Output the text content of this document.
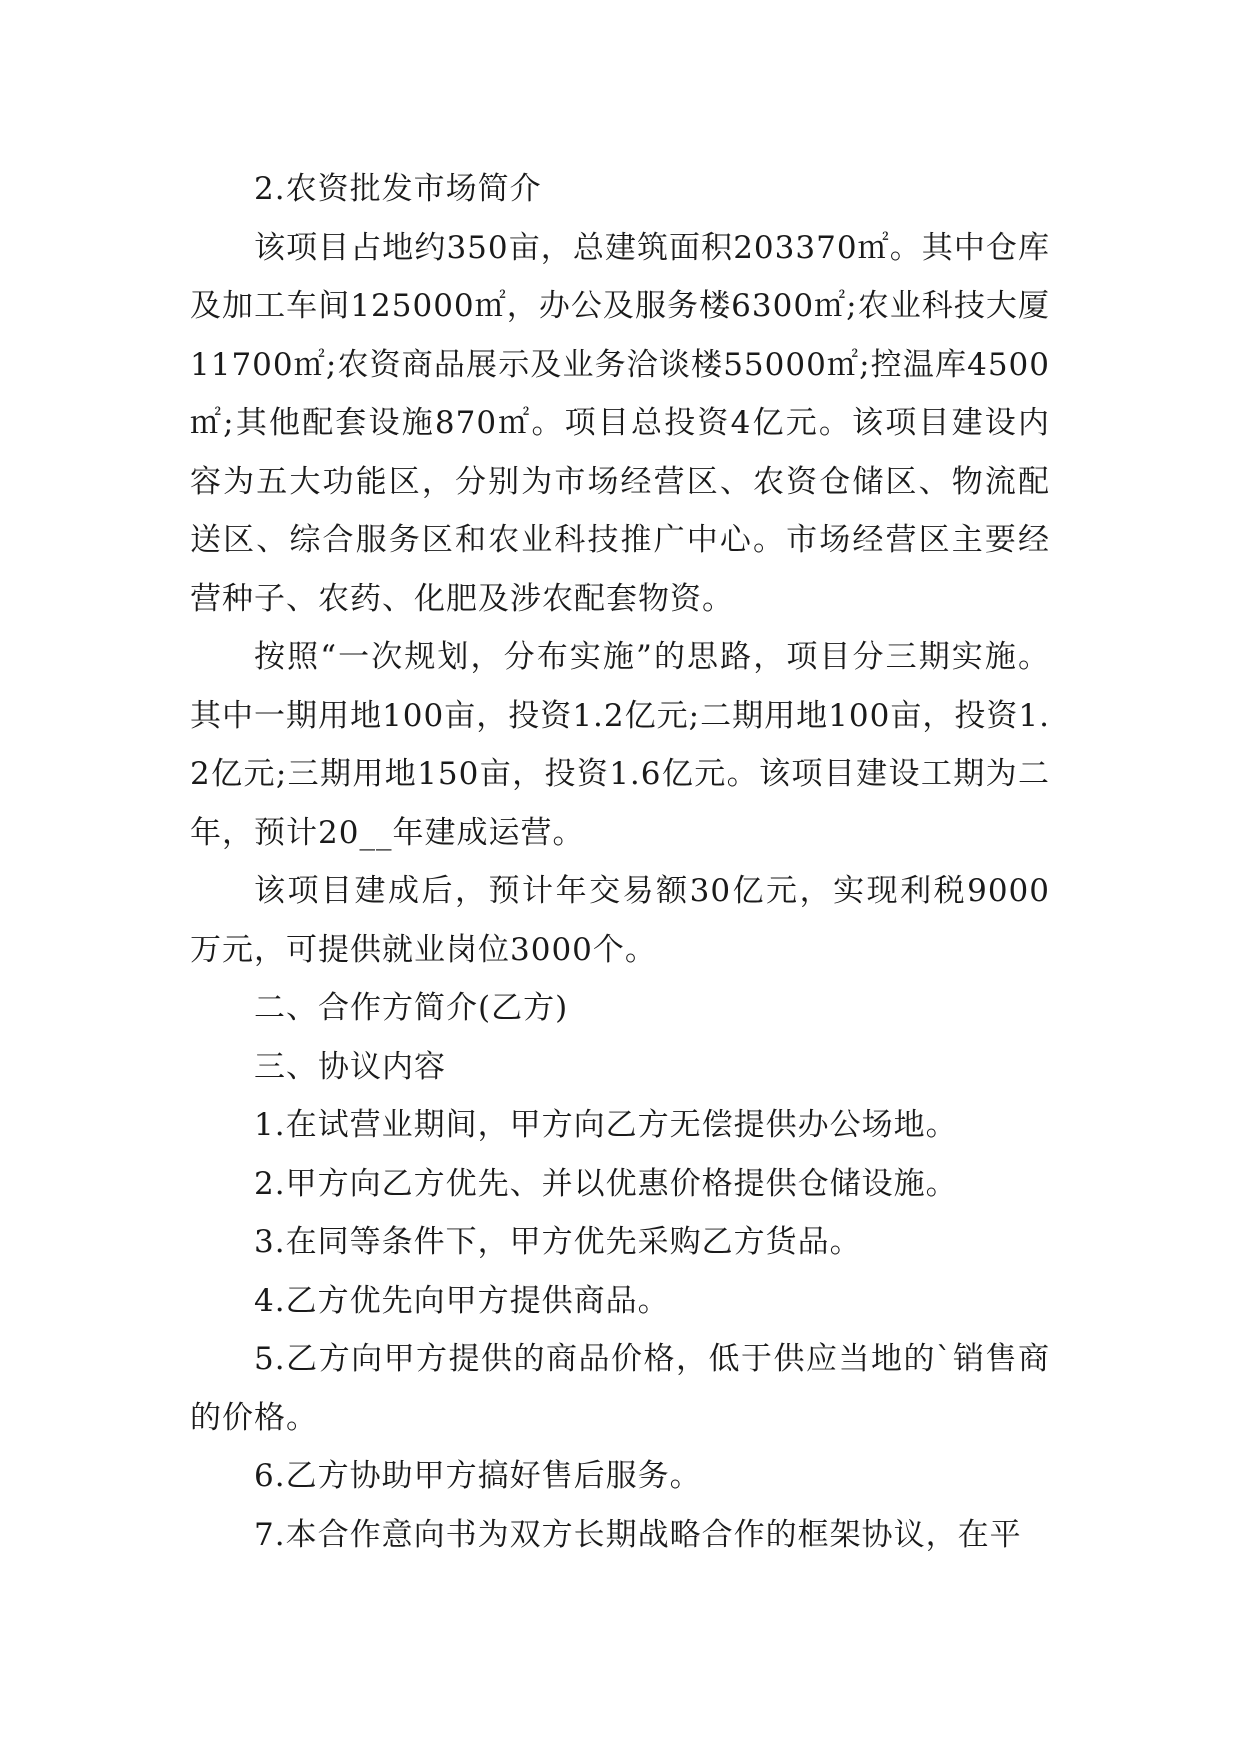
2.农资批发市场简介

该项目占地约350亩，总建筑面积203370㎡。其中仓库及加工车间125000㎡，办公及服务楼6300㎡;农业科技大厦11700㎡;农资商品展示及业务洽谈楼55000㎡;控温库4500㎡;其他配套设施870㎡。项目总投资4亿元。该项目建设内容为五大功能区，分别为市场经营区、农资仓储区、物流配送区、综合服务区和农业科技推广中心。市场经营区主要经营种子、农药、化肥及涉农配套物资。

按照“一次规划，分布实施”的思路，项目分三期实施。其中一期用地100亩，投资1.2亿元;二期用地100亩，投资1.2亿元;三期用地150亩，投资1.6亿元。该项目建设工期为二年，预计20__年建成运营。

该项目建成后，预计年交易额30亿元，实现利税9000万元，可提供就业岗位3000个。

二、合作方简介(乙方)

三、协议内容

1.在试营业期间，甲方向乙方无偿提供办公场地。

2.甲方向乙方优先、并以优惠价格提供仓储设施。

3.在同等条件下，甲方优先采购乙方货品。

4.乙方优先向甲方提供商品。

5.乙方向甲方提供的商品价格，低于供应当地的`销售商的价格。

6.乙方协助甲方搞好售后服务。

7.本合作意向书为双方长期战略合作的框架协议，在平
